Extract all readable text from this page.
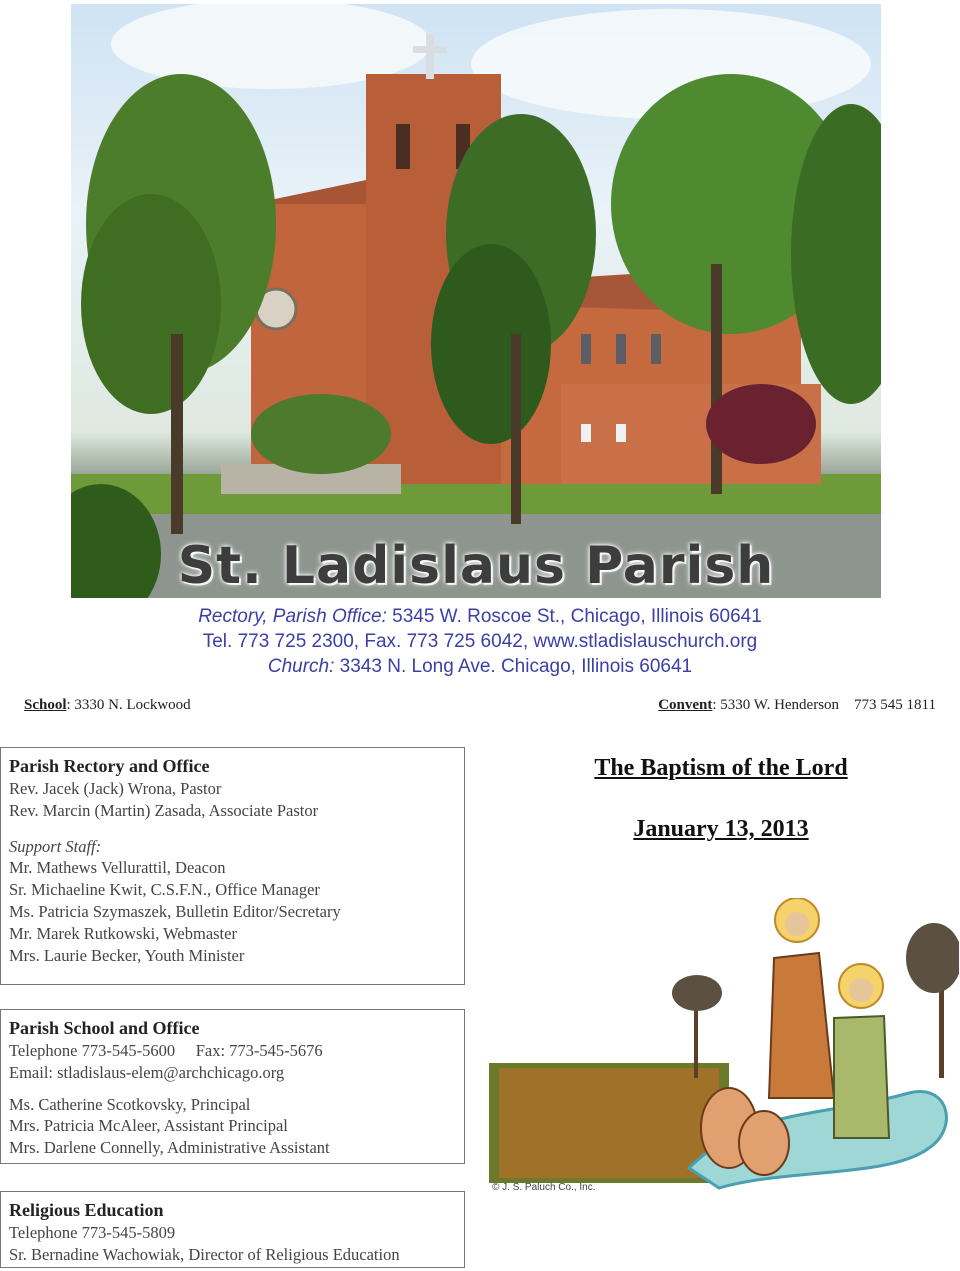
St. Ladislaus Parish
Rectory, Parish Office: 5345 W. Roscoe St., Chicago, Illinois 60641
Tel. 773 725 2300, Fax. 773 725 6042, www.stladislauschurch.org
Church: 3343 N. Long Ave. Chicago, Illinois 60641
School: 3330 N. Lockwood	Convent: 5330 W. Henderson    773 545 1811
Parish Rectory and Office
Rev. Jacek (Jack) Wrona, Pastor
Rev. Marcin (Martin) Zasada, Associate Pastor
Support Staff:
Mr. Mathews Vellurattil, Deacon
Sr. Michaeline Kwit, C.S.F.N., Office Manager
Ms. Patricia Szymaszek, Bulletin Editor/Secretary
Mr. Marek Rutkowski, Webmaster
Mrs. Laurie Becker, Youth Minister
Parish School and Office
Telephone 773-545-5600     Fax: 773-545-5676
Email: stladislaus-elem@archchicago.org
Ms. Catherine Scotkovsky, Principal
Mrs. Patricia McAleer, Assistant Principal
Mrs. Darlene Connelly, Administrative Assistant
Religious Education
Telephone 773-545-5809
Sr. Bernadine Wachowiak, Director of Religious Education
The Baptism of the Lord
January 13, 2013
© J. S. Paluch Co., Inc.
